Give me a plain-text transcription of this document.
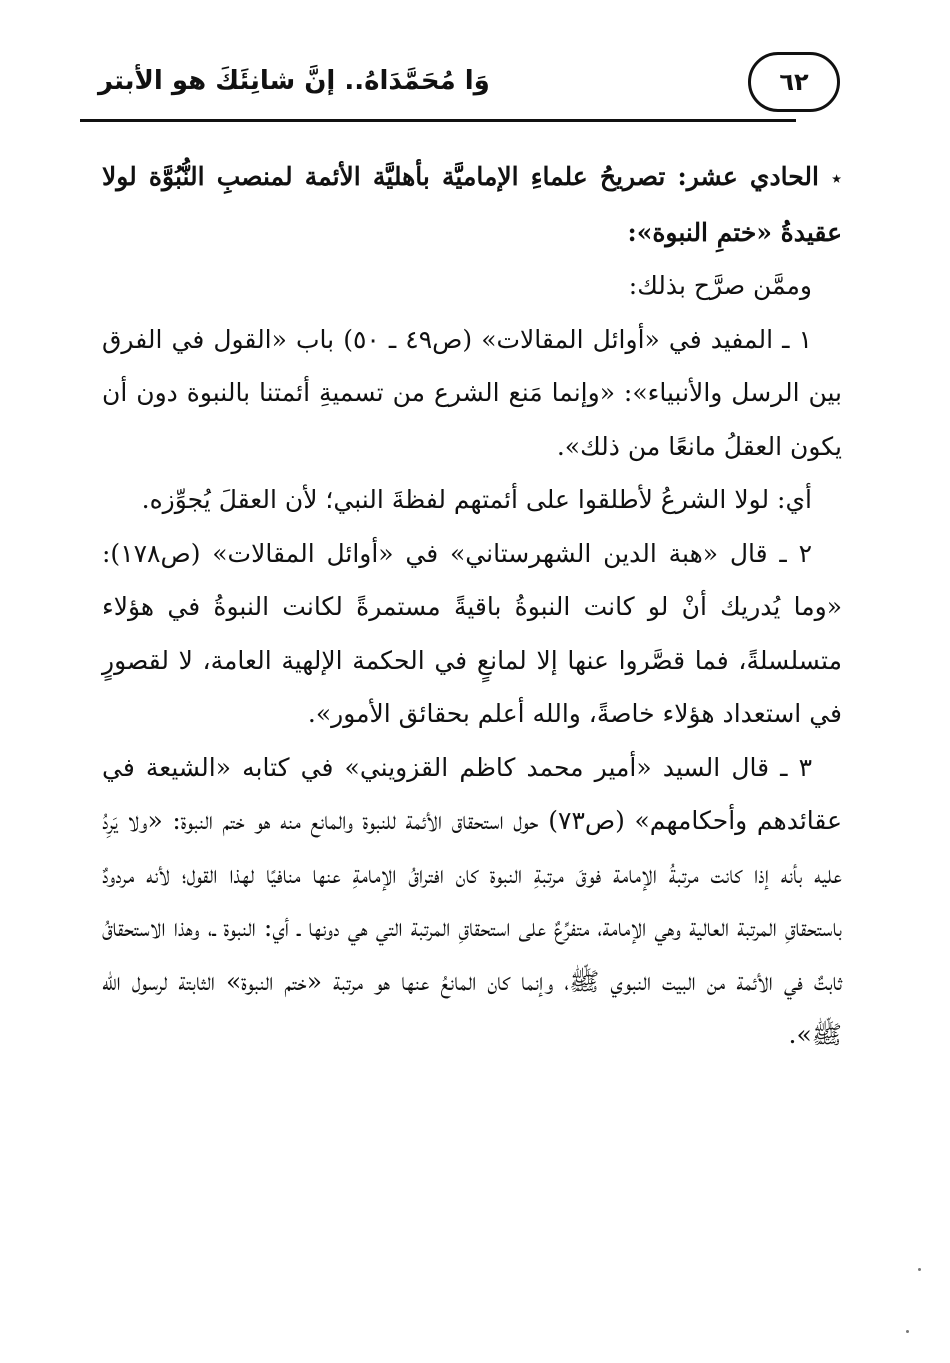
وَا مُحَمَّدَاهُ.. إنَّ شانِئَكَ هو الأبتر	٦٢

٭ الحادي عشر: تصريحُ علماءِ الإماميَّة بأهليَّة الأئمة لمنصبِ النُّبُوَّة لولا عقيدةُ «ختمِ النبوة»:

وممَّن صرَّح بذلك:

١ ـ المفيد في «أوائل المقالات» (ص٤٩ ـ ٥٠) باب «القول في الفرق بين الرسل والأنبياء»: «وإنما مَنع الشرع من تسميةِ أئمتنا بالنبوة دون أن يكون العقلُ مانعًا من ذلك».

أي: لولا الشرعُ لأطلقوا على أئمتهم لفظةَ النبي؛ لأن العقلَ يُجوِّزه.

٢ ـ قال «هبة الدين الشهرستاني» في «أوائل المقالات» (ص١٧٨): «وما يُدريك أنْ لو كانت النبوةُ باقيةً مستمرةً لكانت النبوةُ في هؤلاء متسلسلةً، فما قصَّروا عنها إلا لمانعٍ في الحكمة الإلهية العامة، لا لقصورٍ في استعداد هؤلاء خاصةً، والله أعلم بحقائق الأمور».

٣ ـ قال السيد «أمير محمد كاظم القزويني» في كتابه «الشيعة في عقائدهم وأحكامهم» (ص٧٣) حول استحقاق الأئمة للنبوة والمانع منه هو ختم النبوة: «ولا يَرِدُ عليه بأنه إذا كانت مرتبةُ الإمامة فوقَ مرتبةِ النبوة كان افتراقُ الإمامةِ عنها منافيًا لهذا القول؛ لأنه مردودٌ باستحقاقِ المرتبة العالية وهي الإمامة، متفرِّعٌ على استحقاقِ المرتبة التي هي دونها ـ أي: النبوة ـ، وهذا الاستحقاقُ ثابتٌ في الأئمة من البيت النبوي ﷺ، وإنما كان المانعُ عنها هو مرتبة «ختم النبوة» الثابتة لرسول الله ﷺ».
